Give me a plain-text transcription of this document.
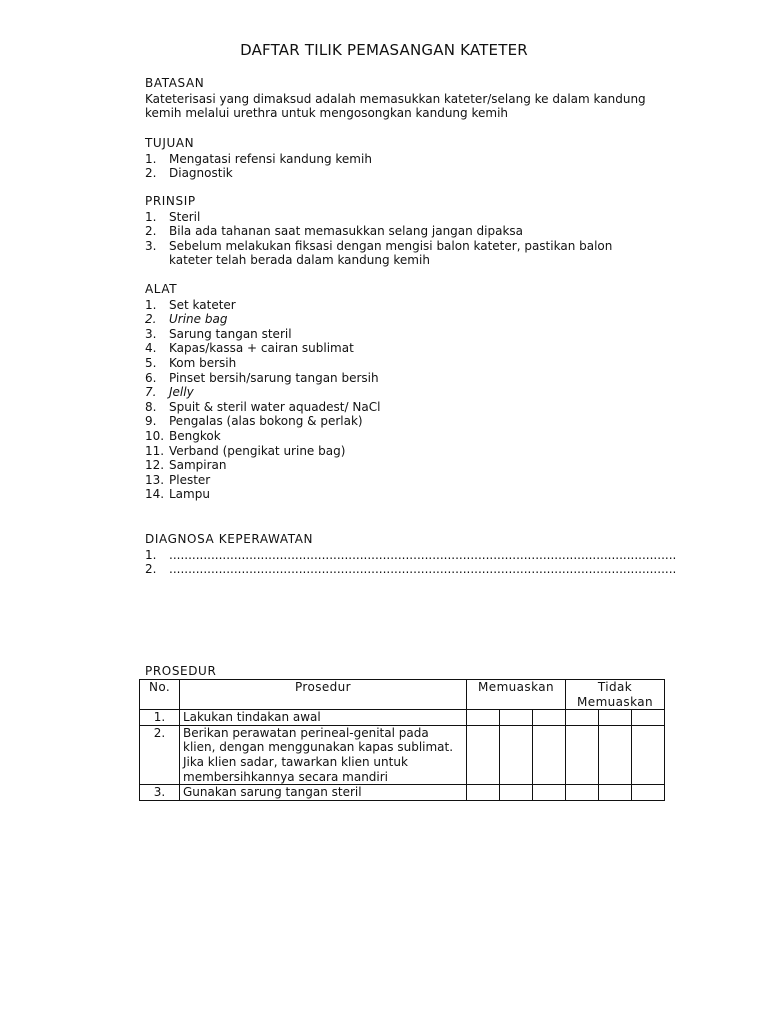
DAFTAR TILIK PEMASANGAN KATETER
BATASAN
Kateterisasi yang dimaksud adalah memasukkan kateter/selang ke dalam kandung kemih melalui urethra untuk mengosongkan kandung kemih
TUJUAN
1.	Mengatasi refensi kandung kemih
2.	Diagnostik
PRINSIP
1.	Steril
2.	Bila ada tahanan saat memasukkan selang jangan dipaksa
3.	Sebelum melakukan fiksasi dengan mengisi balon kateter, pastikan balon kateter telah berada dalam kandung kemih
ALAT
1.	Set kateter
2.	Urine bag
3.	Sarung tangan steril
4.	Kapas/kassa + cairan sublimat
5.	Kom bersih
6.	Pinset bersih/sarung tangan bersih
7.	Jelly
8.	Spuit & steril water aquadest/ NaCl
9.	Pengalas (alas bokong & perlak)
10. Bengkok
11. Verband (pengikat urine bag)
12. Sampiran
13. Plester
14. Lampu
DIAGNOSA KEPERAWATAN
1.	.....................................................................................................................................
2.	.....................................................................................................................................
PROSEDUR
No.	Prosedur	Memuaskan			Tidak Memuaskan		
1.	Lakukan tindakan awal						
2.	Berikan perawatan perineal-genital pada klien, dengan menggunakan kapas sublimat. Jika klien sadar, tawarkan klien untuk membersihkannya secara mandiri						
3.	Gunakan sarung tangan steril						
